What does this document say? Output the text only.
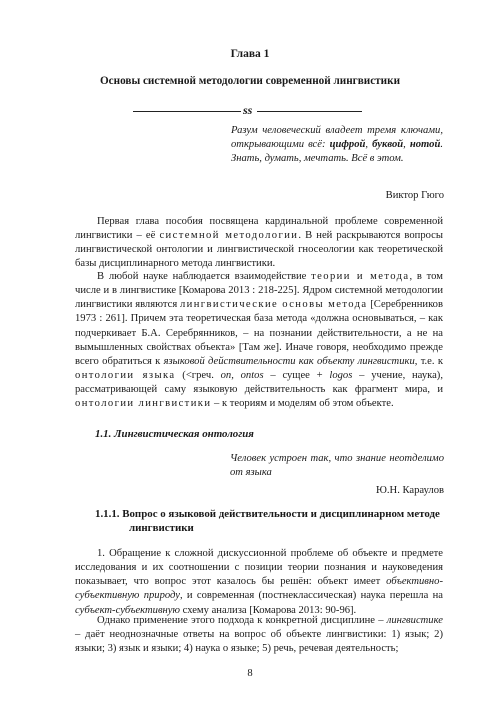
Глава 1
Основы системной методологии современной лингвистики
ss
Разум человеческий владеет тремя ключами, открывающими всё: цифрой, буквой, нотой. Знать, думать, мечтать. Всё в этом.
Виктор Гюго

Первая глава пособия посвящена кардинальной проблеме современной лингвистики – её системной методологии. В ней раскрываются вопросы лингвистической онтологии и лингвистической гносеологии как теоретической базы дисциплинарного метода лингвистики.

В любой науке наблюдается взаимодействие теории и метода, в том числе и в лингвистике [Комарова 2013 : 218-225]. Ядром системной методологии лингвистики являются лингвистические основы метода [Серебренников 1973 : 261]. Причем эта теоретическая база метода «должна основываться, – как подчеркивает Б.А. Серебрянников, – на познании действительности, а не на вымышленных свойствах объекта» [Там же]. Иначе говоря, необходимо прежде всего обратиться к языковой действительности как объекту лингвистики, т.е. к онтологии языка (<греч. on, ontos – сущее + logos – учение, наука), рассматривающей саму языковую действительность как фрагмент мира, и онтологии лингвистики – к теориям и моделям об этом объекте.

1.1. Лингвистическая онтология
Человек устроен так, что знание неотделимо от языка
Ю.Н. Караулов
1.1.1. Вопрос о языковой действительности и дисциплинарном методе
лингвистики

1. Обращение к сложной дискуссионной проблеме об объекте и предмете исследования и их соотношении с позиции теории познания и науковедения показывает, что вопрос этот казалось бы решён: объект имеет объективно-субъективную природу, и современная (постнеклассическая) наука перешла на субъект-субъективную схему анализа [Комарова 2013: 90-96].

Однако применение этого подхода к конкретной дисциплине – лингвистике – даёт неоднозначные ответы на вопрос об объекте лингвистики: 1) язык; 2) языки; 3) язык и языки; 4) наука о языке; 5) речь, речевая деятельность;

8
